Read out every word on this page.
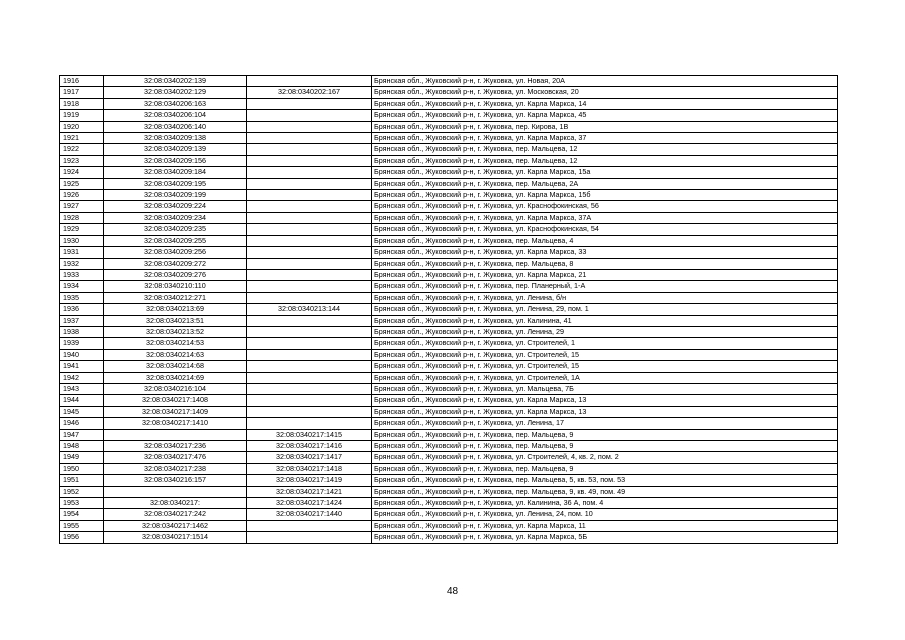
1916	32:08:0340202:139		Брянская обл., Жуковский р-н, г. Жуковка, ул. Новая, 20А
1917	32:08:0340202:129	32:08:0340202:167	Брянская обл., Жуковский р-н, г. Жуковка, ул. Московская, 20
1918	32:08:0340206:163		Брянская обл., Жуковский р-н, г. Жуковка, ул. Карла Маркса, 14
1919	32:08:0340206:104		Брянская обл., Жуковский р-н, г. Жуковка, ул. Карла Маркса, 45
1920	32:08:0340206:140		Брянская обл., Жуковский р-н, г. Жуковка, пер. Кирова, 1В
1921	32:08:0340209:138		Брянская обл., Жуковский р-н, г. Жуковка, ул. Карла Маркса, 37
1922	32:08:0340209:139		Брянская обл., Жуковский р-н, г. Жуковка, пер. Мальцева, 12
1923	32:08:0340209:156		Брянская обл., Жуковский р-н, г. Жуковка, пер. Мальцева, 12
1924	32:08:0340209:184		Брянская обл., Жуковский р-н, г. Жуковка, ул. Карла Маркса, 15а
1925	32:08:0340209:195		Брянская обл., Жуковский р-н, г. Жуковка, пер. Мальцева, 2А
1926	32:08:0340209:199		Брянская обл., Жуковский р-н, г. Жуковка, ул. Карла Маркса, 15б
1927	32:08:0340209:224		Брянская обл., Жуковский р-н, г. Жуковка, ул. Краснофокинская, 56
1928	32:08:0340209:234		Брянская обл., Жуковский р-н, г. Жуковка, ул. Карла Маркса, 37А
1929	32:08:0340209:235		Брянская обл., Жуковский р-н, г. Жуковка, ул. Краснофокинская, 54
1930	32:08:0340209:255		Брянская обл., Жуковский р-н, г. Жуковка, пер. Мальцева, 4
1931	32:08:0340209:256		Брянская обл., Жуковский р-н, г. Жуковка, ул. Карла Маркса, 33
1932	32:08:0340209:272		Брянская обл., Жуковский р-н, г. Жуковка, пер. Мальцева, 8
1933	32:08:0340209:276		Брянская обл., Жуковский р-н, г. Жуковка, ул. Карла Маркса, 21
1934	32:08:0340210:110		Брянская обл., Жуковский р-н, г. Жуковка, пер. Планерный, 1-А
1935	32:08:0340212:271		Брянская обл., Жуковский р-н, г. Жуковка, ул. Ленина, б/н
1936	32:08:0340213:69	32:08:0340213:144	Брянская обл., Жуковский р-н, г. Жуковка, ул. Ленина, 29, пом. 1
1937	32:08:0340213:51		Брянская обл., Жуковский р-н, г. Жуковка, ул. Калинина, 41
1938	32:08:0340213:52		Брянская обл., Жуковский р-н, г. Жуковка, ул. Ленина, 29
1939	32:08:0340214:53		Брянская обл., Жуковский р-н, г. Жуковка, ул. Строителей, 1
1940	32:08:0340214:63		Брянская обл., Жуковский р-н, г. Жуковка, ул. Строителей, 15
1941	32:08:0340214:68		Брянская обл., Жуковский р-н, г. Жуковка, ул. Строителей, 15
1942	32:08:0340214:69		Брянская обл., Жуковский р-н, г. Жуковка, ул. Строителей, 1А
1943	32:08:0340216:104		Брянская обл., Жуковский р-н, г. Жуковка, ул. Мальцева, 7Б
1944	32:08:0340217:1408		Брянская обл., Жуковский р-н, г. Жуковка, ул. Карла Маркса, 13
1945	32:08:0340217:1409		Брянская обл., Жуковский р-н, г. Жуковка, ул. Карла Маркса, 13
1946	32:08:0340217:1410		Брянская обл., Жуковский р-н, г. Жуковка, ул. Ленина, 17
1947		32:08:0340217:1415	Брянская обл., Жуковский р-н, г. Жуковка, пер. Мальцева, 9
1948	32:08:0340217:236	32:08:0340217:1416	Брянская обл., Жуковский р-н, г. Жуковка, пер. Мальцева, 9
1949	32:08:0340217:476	32:08:0340217:1417	Брянская обл., Жуковский р-н, г. Жуковка, ул. Строителей, 4, кв. 2, пом. 2
1950	32:08:0340217:238	32:08:0340217:1418	Брянская обл., Жуковский р-н, г. Жуковка, пер. Мальцева, 9
1951	32:08:0340216:157	32:08:0340217:1419	Брянская обл., Жуковский р-н, г. Жуковка, пер. Мальцева, 5, кв. 53, пом. 53
1952		32:08:0340217:1421	Брянская обл., Жуковский р-н, г. Жуковка, пер. Мальцева, 9, кв. 49, пом. 49
1953	32:08:0340217:	32:08:0340217:1424	Брянская обл., Жуковский р-н, г. Жуковка, ул. Калинина, 36 А, пом. 4
1954	32:08:0340217:242	32:08:0340217:1440	Брянская обл., Жуковский р-н, г. Жуковка, ул. Ленина, 24, пом. 10
1955	32:08:0340217:1462		Брянская обл., Жуковский р-н, г. Жуковка, ул. Карла Маркса, 11
1956	32:08:0340217:1514		Брянская обл., Жуковский р-н, г. Жуковка, ул. Карла Маркса, 5Б
48
